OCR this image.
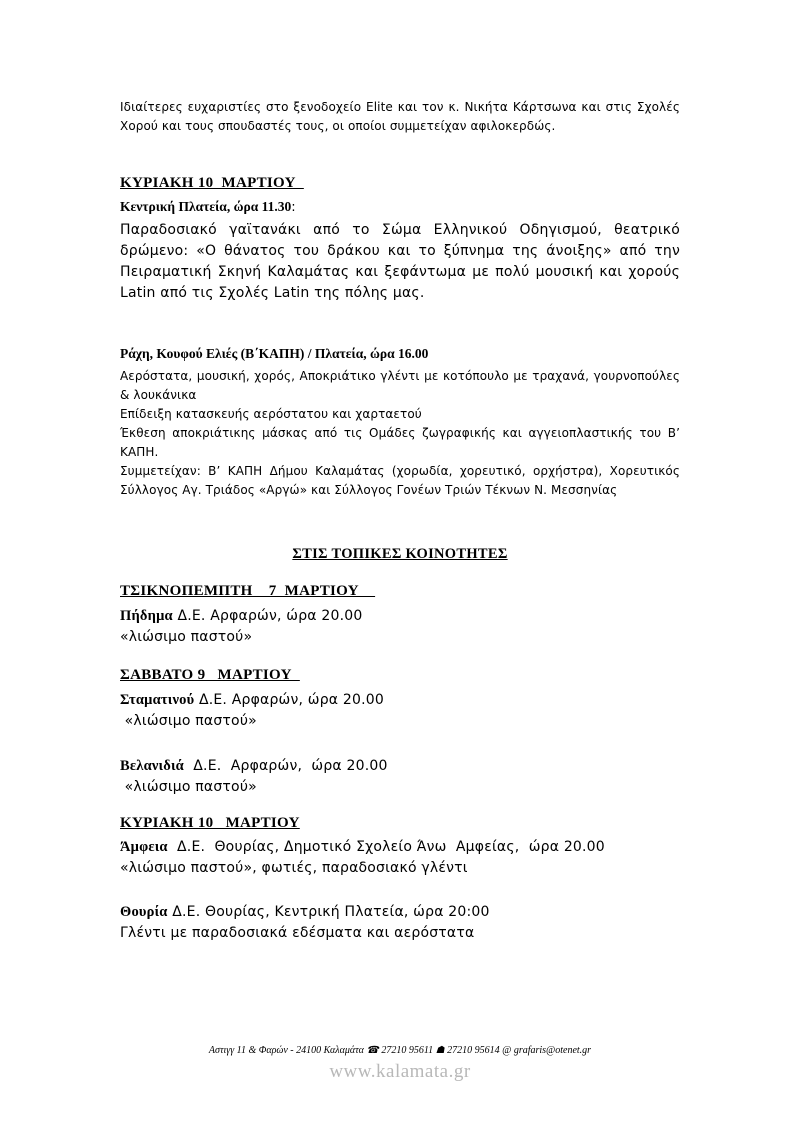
Ιδιαίτερες ευχαριστίες στο ξενοδοχείο Elite και τον κ. Νικήτα Κάρτσωνα και στις Σχολές Χορού και τους σπουδαστές τους, οι οποίοι συμμετείχαν αφιλοκερδώς.
ΚΥΡΙΑΚΗ 10  ΜΑΡΤΙΟΥ
Κεντρική Πλατεία, ώρα 11.30:
Παραδοσιακό γαϊτανάκι από το Σώμα Ελληνικού Οδηγισμού, θεατρικό δρώμενο: «Ο θάνατος του δράκου και το ξύπνημα της άνοιξης» από την Πειραματική Σκηνή Καλαμάτας και ξεφάντωμα με πολύ μουσική και χορούς Latin από τις Σχολές Latin της πόλης μας.
Ράχη, Κουφού Ελιές (Β΄ΚΑΠΗ) / Πλατεία, ώρα 16.00
Αερόστατα, μουσική, χορός, Αποκριάτικο γλέντι με κοτόπουλο με τραχανά, γουρνοπούλες & λουκάνικα
Επίδειξη κατασκευής αερόστατου και χαρταετού
Έκθεση αποκριάτικης μάσκας από τις Ομάδες ζωγραφικής και αγγειοπλαστικής του Β’ ΚΑΠΗ.
Συμμετείχαν: Β’ ΚΑΠΗ Δήμου Καλαμάτας (χορωδία, χορευτικό, ορχήστρα), Χορευτικός Σύλλογος Αγ. Τριάδος «Αργώ» και Σύλλογος Γονέων Τριών Τέκνων Ν. Μεσσηνίας
ΣΤΙΣ ΤΟΠΙΚΕΣ ΚΟΙΝΟΤΗΤΕΣ
ΤΣΙΚΝΟΠΕΜΠΤΗ    7  ΜΑΡΤΙΟΥ
Πήδημα Δ.Ε. Αρφαρών, ώρα 20.00
«λιώσιμο παστού»
ΣΑΒΒΑΤΟ 9   ΜΑΡΤΙΟΥ
Σταματινού Δ.Ε. Αρφαρών, ώρα 20.00
«λιώσιμο παστού»
Βελανιδιά  Δ.Ε.  Αρφαρών,  ώρα 20.00
«λιώσιμο παστού»
ΚΥΡΙΑΚΗ 10   ΜΑΡΤΙΟΥ
Άμφεια  Δ.Ε.  Θουρίας, Δημοτικό Σχολείο Άνω  Αμφείας,  ώρα 20.00
«λιώσιμο παστού», φωτιές, παραδοσιακό γλέντι
Θουρία Δ.Ε. Θουρίας, Κεντρική Πλατεία, ώρα 20:00
Γλέντι με παραδοσιακά εδέσματα και αερόστατα
Αστιγγ 11 & Φαρών - 24100 Καλαμάτα ☎ 27210 95611 ☗ 27210 95614 @ grafaris@otenet.gr
www.kalamata.gr
